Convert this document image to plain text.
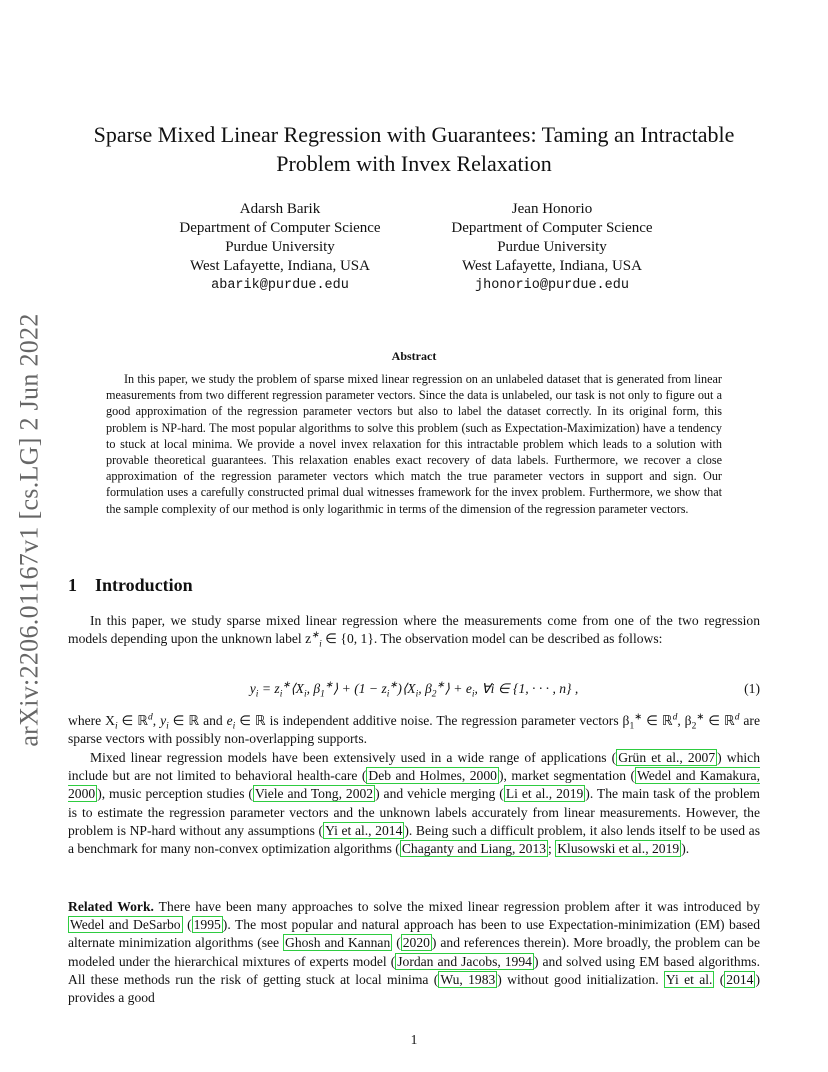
arXiv:2206.01167v1 [cs.LG] 2 Jun 2022
Sparse Mixed Linear Regression with Guarantees: Taming an Intractable Problem with Invex Relaxation
Adarsh Barik
Department of Computer Science
Purdue University
West Lafayette, Indiana, USA
abarik@purdue.edu
Jean Honorio
Department of Computer Science
Purdue University
West Lafayette, Indiana, USA
jhonorio@purdue.edu
Abstract
In this paper, we study the problem of sparse mixed linear regression on an unlabeled dataset that is generated from linear measurements from two different regression parameter vectors. Since the data is unlabeled, our task is not only to figure out a good approximation of the regression parameter vectors but also to label the dataset correctly. In its original form, this problem is NP-hard. The most popular algorithms to solve this problem (such as Expectation-Maximization) have a tendency to stuck at local minima. We provide a novel invex relaxation for this intractable problem which leads to a solution with provable theoretical guarantees. This relaxation enables exact recovery of data labels. Furthermore, we recover a close approximation of the regression parameter vectors which match the true parameter vectors in support and sign. Our formulation uses a carefully constructed primal dual witnesses framework for the invex problem. Furthermore, we show that the sample complexity of our method is only logarithmic in terms of the dimension of the regression parameter vectors.
1 Introduction
In this paper, we study sparse mixed linear regression where the measurements come from one of the two regression models depending upon the unknown label $z^∗_i$ ∈ {0, 1}. The observation model can be described as follows:
$y_i$ = $z_i^∗⟨X_i$, $\beta_1^∗⟩ + (1$ − $z_i^∗)⟨X_i$, $\beta_2^∗⟩ + e_i$, ∀i ∈ {1, · · · , n} ,	(1)
where $X_i$ ∈ ℝ$^d$, $y_i$ ∈ ℝ and $e_i$ ∈ ℝ is independent additive noise. The regression parameter vectors $\beta_1^∗$ ∈ ℝ$^d$, $\beta_2^∗$ ∈ ℝ$^d$ are sparse vectors with possibly non-overlapping supports.
Mixed linear regression models have been extensively used in a wide range of applications ( Grün et al., 2007 ) which include but are not limited to behavioral health-care ( Deb and Holmes, 2000 ), market segmentation ( Wedel and Kamakura, 2000 ), music perception studies ( Viele and Tong, 2002 ) and vehicle merging ( Li et al., 2019 ). The main task of the problem is to estimate the regression parameter vectors and the unknown labels accurately from linear measurements. However, the problem is NP-hard without any assumptions ( Yi et al., 2014 ). Being such a difficult problem, it also lends itself to be used as a benchmark for many non-convex optimization algorithms ( Chaganty and Liang, 2013 ; Klusowski et al., 2019 ).
Related Work. There have been many approaches to solve the mixed linear regression problem after it was introduced by Wedel and DeSarbo ( 1995 ). The most popular and natural approach has been to use Expectation-minimization (EM) based alternate minimization algorithms (see Ghosh and Kannan ( 2020 ) and references therein). More broadly, the problem can be modeled under the hierarchical mixtures of experts model ( Jordan and Jacobs, 1994 ) and solved using EM based algorithms. All these methods run the risk of getting stuck at local minima ( Wu, 1983 ) without good initialization. Yi et al. ( 2014 ) provides a good
1
